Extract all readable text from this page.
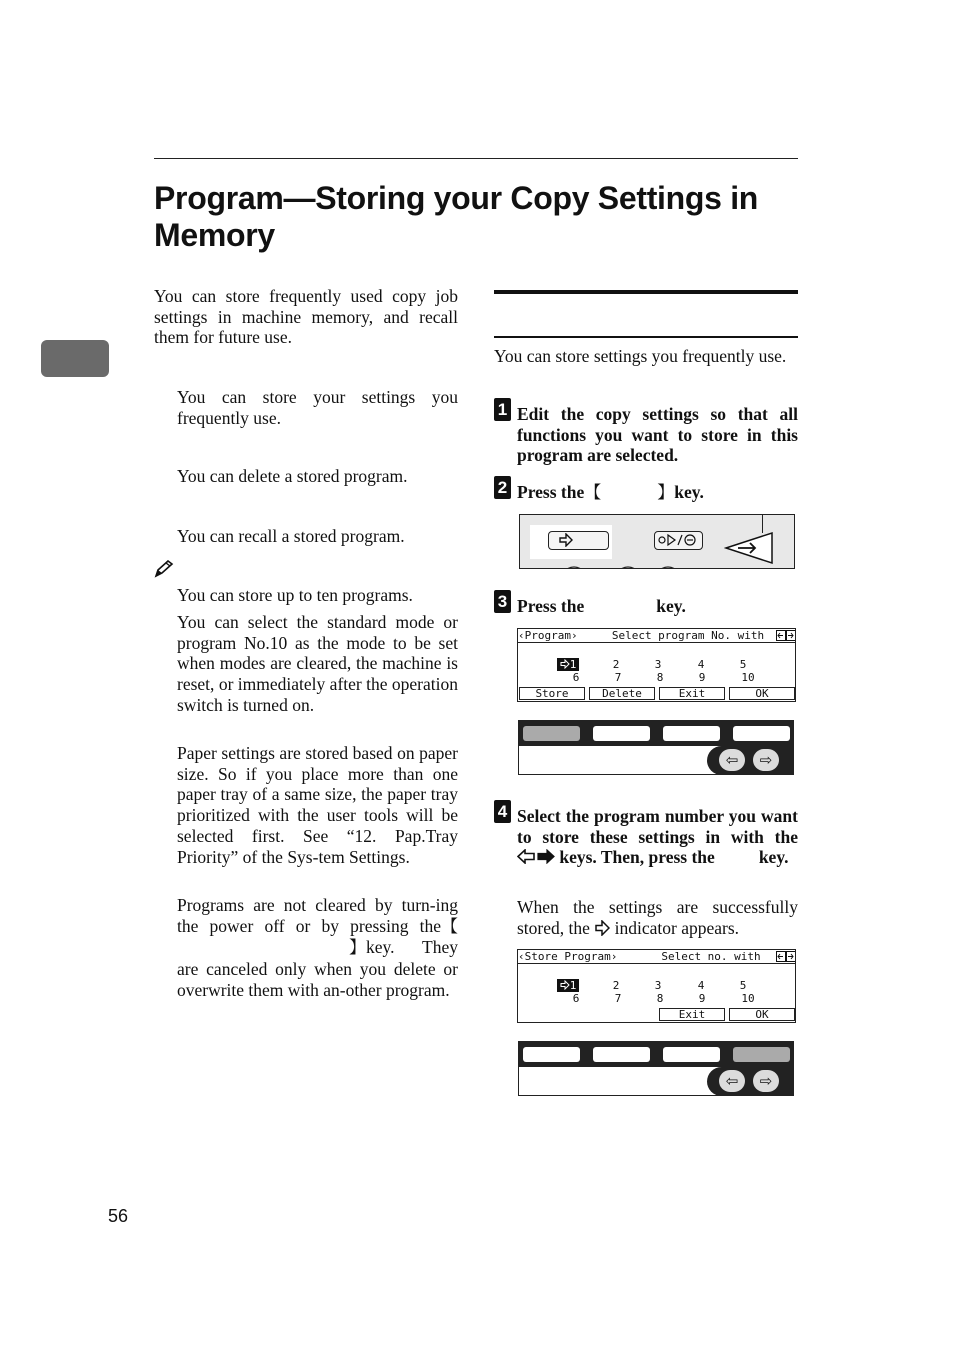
Program—Storing your Copy Settings in Memory

You can store frequently used copy job settings in machine memory, and recall them for future use.

You can store your settings you frequently use.

You can delete a stored program.

You can recall a stored program.

You can store up to ten programs.

You can select the standard mode or program No.10 as the mode to be set when modes are cleared, the machine is reset, or immediately after the operation switch is turned on.

Paper settings are stored based on paper size. So if you place more than one paper tray of a same size, the paper tray prioritized with the user tools will be selected first. See “12. Pap.Tray Priority” of the Sys-tem Settings.

Programs are not cleared by turn-ing the power off or by pressing the【】key. They are canceled only when you delete or overwrite them with an-other program.

You can store settings you frequently use.

1 Edit the copy settings so that all functions you want to store in this program are selected.

2 Press the【	】key.

3 Press the	key.

‹Program›	Select program No. with
1	2	3	4	5
6	7	8	9	10
Store	Delete	Exit	OK
⇦	⇨
4 Select the program number you want to store these settings in with the  keys. Then, press the	key.

When the settings are successfully stored, the indicator appears.

‹Store Program›	Select no. with
1	2	3	4	5
6	7	8	9	10
Exit	OK
⇦	⇨
56
